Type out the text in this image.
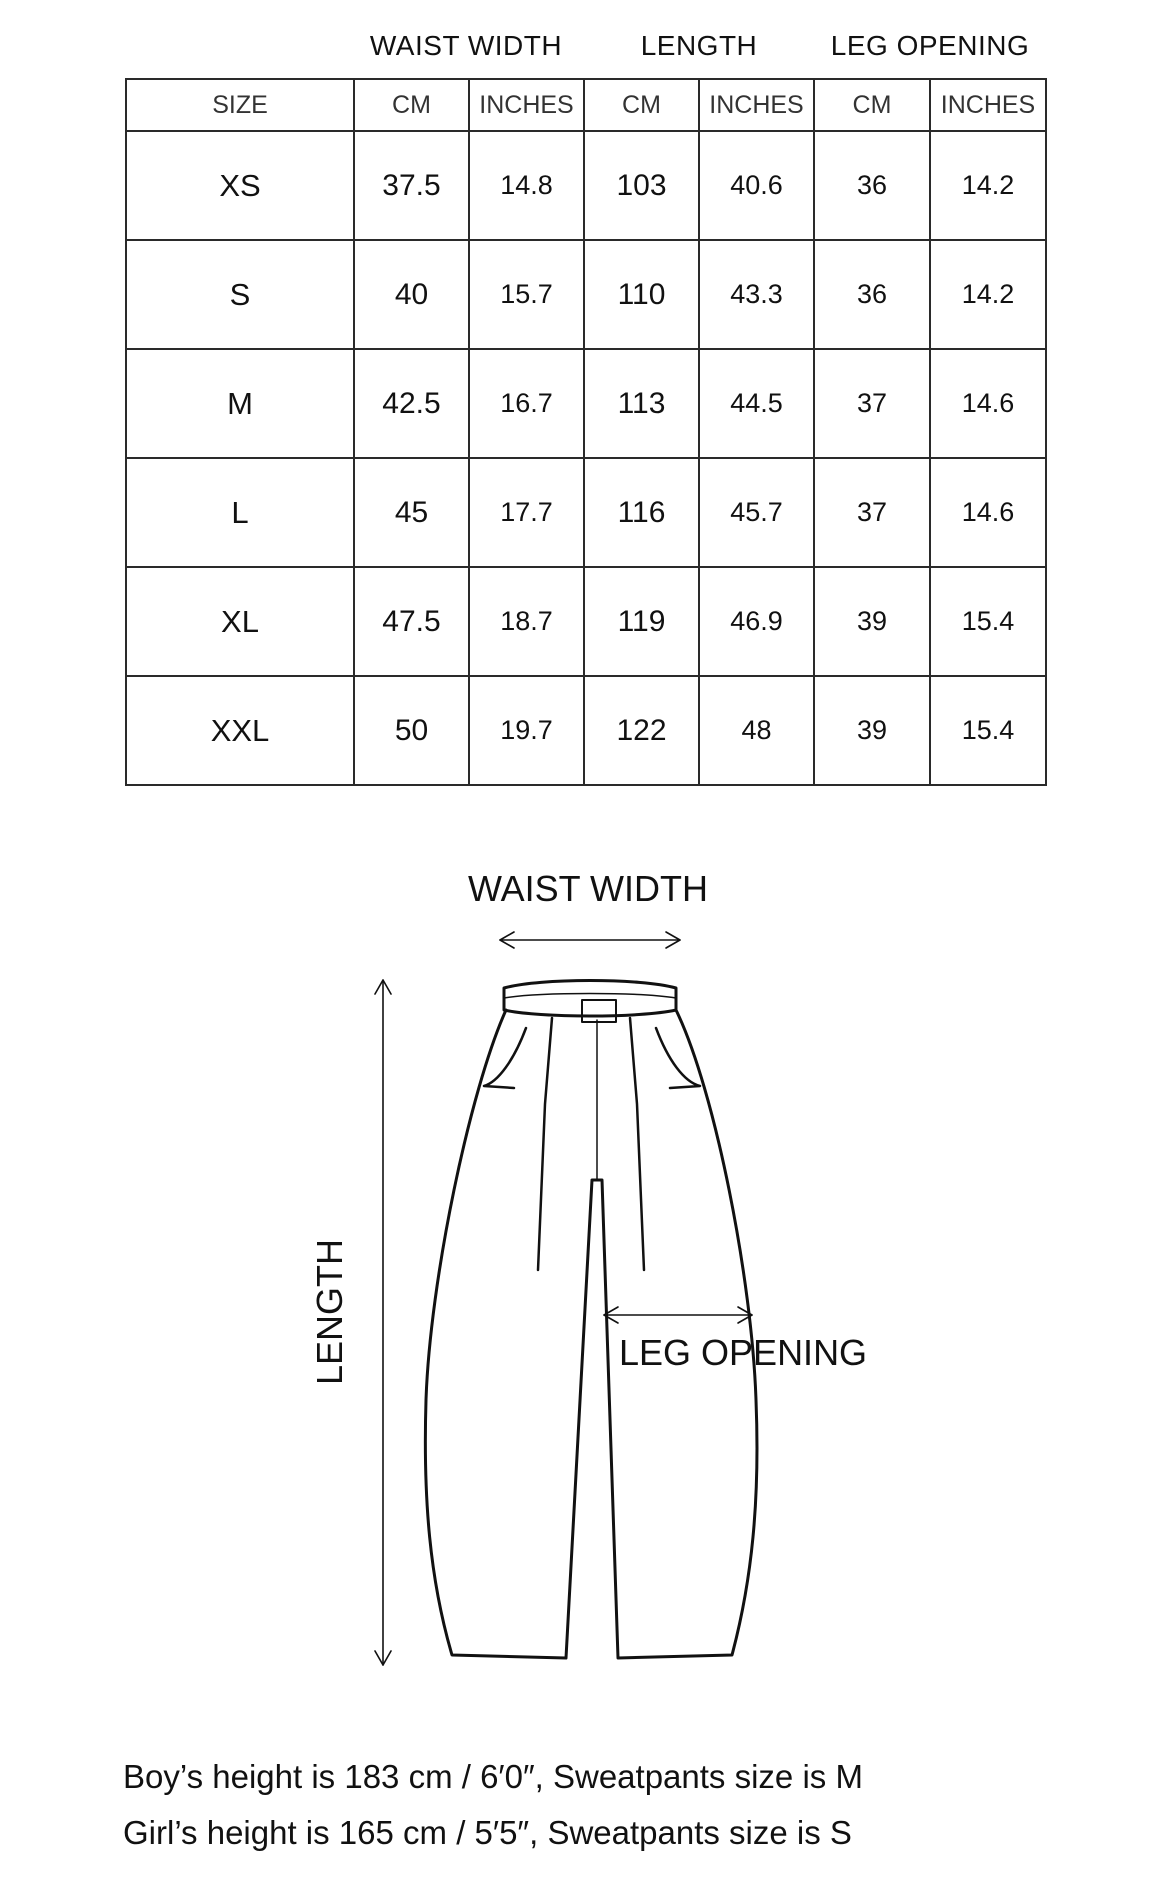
WAIST WIDTH	LENGTH	LEG OPENING
SIZE	CM	INCHES	CM	INCHES	CM	INCHES
XS	37.5	14.8	103	40.6	36	14.2
S	40	15.7	110	43.3	36	14.2
M	42.5	16.7	113	44.5	37	14.6
L	45	17.7	116	45.7	37	14.6
XL	47.5	18.7	119	46.9	39	15.4
XXL	50	19.7	122	48	39	15.4
WAIST WIDTH
LENGTH	LEG OPENING
Boy’s height is 183 cm / 6′0″, Sweatpants size is M
Girl’s height is 165 cm / 5′5″, Sweatpants size is S
